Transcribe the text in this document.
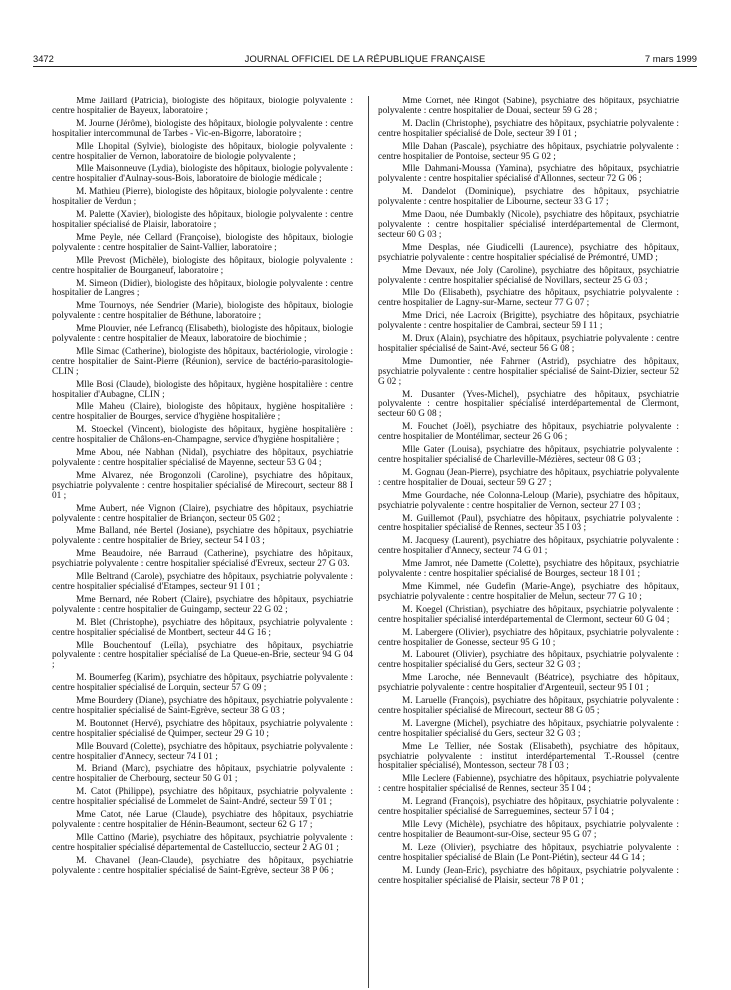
3472	JOURNAL OFFICIEL DE LA RÉPUBLIQUE FRANÇAISE	7 mars 1999

Mme Jaillard (Patricia), biologiste des hôpitaux, biologie polyvalente : centre hospitalier de Bayeux, laboratoire ;

M. Journe (Jérôme), biologiste des hôpitaux, biologie polyvalente : centre hospitalier intercommunal de Tarbes - Vic-en-Bigorre, laboratoire ;

Mlle Lhopital (Sylvie), biologiste des hôpitaux, biologie polyvalente : centre hospitalier de Vernon, laboratoire de biologie polyvalente ;

Mlle Maisonneuve (Lydia), biologiste des hôpitaux, biologie polyvalente : centre hospitalier d'Aulnay-sous-Bois, laboratoire de biologie médicale ;

M. Mathieu (Pierre), biologiste des hôpitaux, biologie polyvalente : centre hospitalier de Verdun ;

M. Palette (Xavier), biologiste des hôpitaux, biologie polyvalente : centre hospitalier spécialisé de Plaisir, laboratoire ;

Mme Peyle, née Cellard (Françoise), biologiste des hôpitaux, biologie polyvalente : centre hospitalier de Saint-Vallier, laboratoire ;

Mlle Prevost (Michèle), biologiste des hôpitaux, biologie polyvalente : centre hospitalier de Bourganeuf, laboratoire ;

M. Simeon (Didier), biologiste des hôpitaux, biologie polyvalente : centre hospitalier de Langres ;

Mme Tournoys, née Sendrier (Marie), biologiste des hôpitaux, biologie polyvalente : centre hospitalier de Béthune, laboratoire ;

Mme Plouvier, née Lefrancq (Elisabeth), biologiste des hôpitaux, biologie polyvalente : centre hospitalier de Meaux, laboratoire de biochimie ;

Mlle Simac (Catherine), biologiste des hôpitaux, bactériologie, virologie : centre hospitalier de Saint-Pierre (Réunion), service de bactério-parasitologie-CLIN ;

Mlle Bosi (Claude), biologiste des hôpitaux, hygiène hospitalière : centre hospitalier d'Aubagne, CLIN ;

Mlle Maheu (Claire), biologiste des hôpitaux, hygiène hospitalière : centre hospitalier de Bourges, service d'hygiène hospitalière ;

M. Stoeckel (Vincent), biologiste des hôpitaux, hygiène hospitalière : centre hospitalier de Châlons-en-Champagne, service d'hygiène hospitalière ;

Mme Abou, née Nabhan (Nidal), psychiatre des hôpitaux, psychiatrie polyvalente : centre hospitalier spécialisé de Mayenne, secteur 53 G 04 ;

Mme Alvarez, née Brogonzoli (Caroline), psychiatre des hôpitaux, psychiatrie polyvalente : centre hospitalier spécialisé de Mirecourt, secteur 88 I 01 ;

Mme Aubert, née Vignon (Claire), psychiatre des hôpitaux, psychiatrie polyvalente : centre hospitalier de Briançon, secteur 05 G02 ;

Mme Balland, née Bertel (Josiane), psychiatre des hôpitaux, psychiatrie polyvalente : centre hospitalier de Briey, secteur 54 I 03 ;

Mme Beaudoire, née Barraud (Catherine), psychiatre des hôpitaux, psychiatrie polyvalente : centre hospitalier spécialisé d'Evreux, secteur 27 G 03.

Mlle Beltrand (Carole), psychiatre des hôpitaux, psychiatrie polyvalente : centre hospitalier spécialisé d'Etampes, secteur 91 I 01 ;

Mme Bernard, née Robert (Claire), psychiatre des hôpitaux, psychiatrie polyvalente : centre hospitalier de Guingamp, secteur 22 G 02 ;

M. Blet (Christophe), psychiatre des hôpitaux, psychiatrie polyvalente : centre hospitalier spécialisé de Montbert, secteur 44 G 16 ;

Mlle Bouchentouf (Leïla), psychiatre des hôpitaux, psychiatrie polyvalente : centre hospitalier spécialisé de La Queue-en-Brie, secteur 94 G 04 ;

M. Boumerfeg (Karim), psychiatre des hôpitaux, psychiatrie polyvalente : centre hospitalier spécialisé de Lorquin, secteur 57 G 09 ;

Mme Bourdery (Diane), psychiatre des hôpitaux, psychiatrie polyvalente : centre hospitalier spécialisé de Saint-Egrève, secteur 38 G 03 ;

M. Boutonnet (Hervé), psychiatre des hôpitaux, psychiatrie polyvalente : centre hospitalier spécialisé de Quimper, secteur 29 G 10 ;

Mlle Bouvard (Colette), psychiatre des hôpitaux, psychiatrie polyvalente : centre hospitalier d'Annecy, secteur 74 I 01 ;

M. Briand (Marc), psychiatre des hôpitaux, psychiatrie polyvalente : centre hospitalier de Cherbourg, secteur 50 G 01 ;

M. Catot (Philippe), psychiatre des hôpitaux, psychiatrie polyvalente : centre hospitalier spécialisé de Lommelet de Saint-André, secteur 59 T 01 ;

Mme Catot, née Larue (Claude), psychiatre des hôpitaux, psychiatrie polyvalente : centre hospitalier de Hénin-Beaumont, secteur 62 G 17 ;

Mlle Cattino (Marie), psychiatre des hôpitaux, psychiatrie polyvalente : centre hospitalier spécialisé départemental de Castelluccio, secteur 2 AG 01 ;

M. Chavanel (Jean-Claude), psychiatre des hôpitaux, psychiatrie polyvalente : centre hospitalier spécialisé de Saint-Egrève, secteur 38 P 06 ;

Mme Cornet, née Ringot (Sabine), psychiatre des hôpitaux, psychiatrie polyvalente : centre hospitalier de Douai, secteur 59 G 28 ;

M. Daclin (Christophe), psychiatre des hôpitaux, psychiatrie polyvalente : centre hospitalier spécialisé de Dole, secteur 39 I 01 ;

Mlle Dahan (Pascale), psychiatre des hôpitaux, psychiatrie polyvalente : centre hospitalier de Pontoise, secteur 95 G 02 ;

Mlle Dahmani-Moussa (Yamina), psychiatre des hôpitaux, psychiatrie polyvalente : centre hospitalier spécialisé d'Allonnes, secteur 72 G 06 ;

M. Dandelot (Dominique), psychiatre des hôpitaux, psychiatrie polyvalente : centre hospitalier de Libourne, secteur 33 G 17 ;

Mme Daou, née Dumbakly (Nicole), psychiatre des hôpitaux, psychiatrie polyvalente : centre hospitalier spécialisé interdépartemental de Clermont, secteur 60 G 03 ;

Mme Desplas, née Giudicelli (Laurence), psychiatre des hôpitaux, psychiatrie polyvalente : centre hospitalier spécialisé de Prémontré, UMD ;

Mme Devaux, née Joly (Caroline), psychiatre des hôpitaux, psychiatrie polyvalente : centre hospitalier spécialisé de Novillars, secteur 25 G 03 ;

Mlle Do (Elisabeth), psychiatre des hôpitaux, psychiatrie polyvalente : centre hospitalier de Lagny-sur-Marne, secteur 77 G 07 ;

Mme Drici, née Lacroix (Brigitte), psychiatre des hôpitaux, psychiatrie polyvalente : centre hospitalier de Cambrai, secteur 59 I 11 ;

M. Drux (Alain), psychiatre des hôpitaux, psychiatrie polyvalente : centre hospitalier spécialisé de Saint-Avé, secteur 56 G 08 ;

Mme Dumontier, née Fahrner (Astrid), psychiatre des hôpitaux, psychiatrie polyvalente : centre hospitalier spécialisé de Saint-Dizier, secteur 52 G 02 ;

M. Dusanter (Yves-Michel), psychiatre des hôpitaux, psychiatrie polyvalente : centre hospitalier spécialisé interdépartemental de Clermont, secteur 60 G 08 ;

M. Fouchet (Joël), psychiatre des hôpitaux, psychiatrie polyvalente : centre hospitalier de Montélimar, secteur 26 G 06 ;

Mlle Gater (Louisa), psychiatre des hôpitaux, psychiatrie polyvalente : centre hospitalier spécialisé de Charleville-Mézières, secteur 08 G 03 ;

M. Gognau (Jean-Pierre), psychiatre des hôpitaux, psychiatrie polyvalente : centre hospitalier de Douai, secteur 59 G 27 ;

Mme Gourdache, née Colonna-Leloup (Marie), psychiatre des hôpitaux, psychiatrie polyvalente : centre hospitalier de Vernon, secteur 27 I 03 ;

M. Guillemot (Paul), psychiatre des hôpitaux, psychiatrie polyvalente : centre hospitalier spécialisé de Rennes, secteur 35 I 03 ;

M. Jacquesy (Laurent), psychiatre des hôpitaux, psychiatrie polyvalente : centre hospitalier d'Annecy, secteur 74 G 01 ;

Mme Jamrot, née Damette (Colette), psychiatre des hôpitaux, psychiatrie polyvalente : centre hospitalier spécialisé de Bourges, secteur 18 I 01 ;

Mme Kimmel, née Gudefin (Marie-Ange), psychiatre des hôpitaux, psychiatrie polyvalente : centre hospitalier de Melun, secteur 77 G 10 ;

M. Koegel (Christian), psychiatre des hôpitaux, psychiatrie polyvalente : centre hospitalier spécialisé interdépartemental de Clermont, secteur 60 G 04 ;

M. Labergere (Olivier), psychiatre des hôpitaux, psychiatrie polyvalente : centre hospitalier de Gonesse, secteur 95 G 10 ;

M. Labouret (Olivier), psychiatre des hôpitaux, psychiatrie polyvalente : centre hospitalier spécialisé du Gers, secteur 32 G 03 ;

Mme Laroche, née Bennevault (Béatrice), psychiatre des hôpitaux, psychiatrie polyvalente : centre hospitalier d'Argenteuil, secteur 95 I 01 ;

M. Laruelle (François), psychiatre des hôpitaux, psychiatrie polyvalente : centre hospitalier spécialisé de Mirecourt, secteur 88 G 05 ;

M. Lavergne (Michel), psychiatre des hôpitaux, psychiatrie polyvalente : centre hospitalier spécialisé du Gers, secteur 32 G 03 ;

Mme Le Tellier, née Sostak (Elisabeth), psychiatre des hôpitaux, psychiatrie polyvalente : institut interdépartemental T.-Roussel (centre hospitalier spécialisé), Montesson, secteur 78 I 03 ;

Mlle Leclere (Fabienne), psychiatre des hôpitaux, psychiatrie polyvalente : centre hospitalier spécialisé de Rennes, secteur 35 I 04 ;

M. Legrand (François), psychiatre des hôpitaux, psychiatrie polyvalente : centre hospitalier spécialisé de Sarreguemines, secteur 57 I 04 ;

Mlle Levy (Michèle), psychiatre des hôpitaux, psychiatrie polyvalente : centre hospitalier de Beaumont-sur-Oise, secteur 95 G 07 ;

M. Leze (Olivier), psychiatre des hôpitaux, psychiatrie polyvalente : centre hospitalier spécialisé de Blain (Le Pont-Piétin), secteur 44 G 14 ;

M. Lundy (Jean-Eric), psychiatre des hôpitaux, psychiatrie polyvalente : centre hospitalier spécialisé de Plaisir, secteur 78 P 01 ;
